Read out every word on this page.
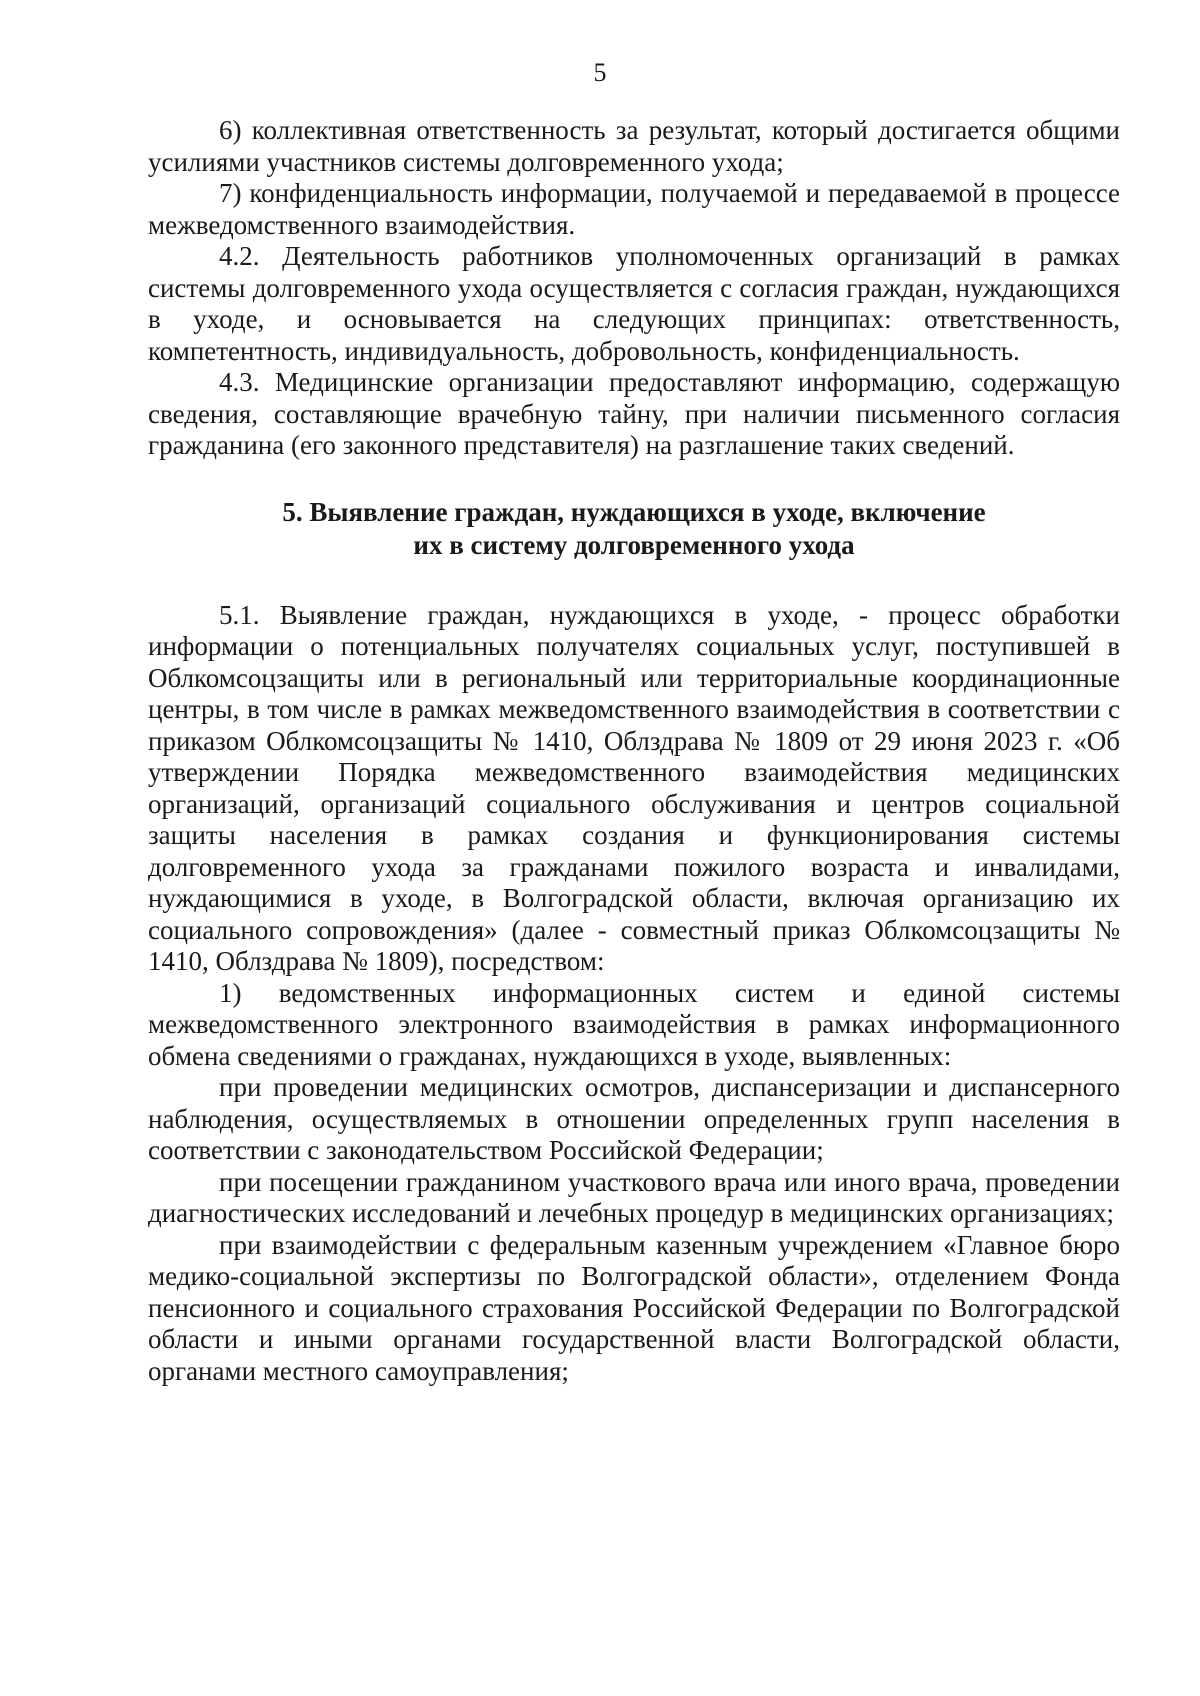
5

6) коллективная ответственность за результат, который достигается общими усилиями участников системы долговременного ухода;

7) конфиденциальность информации, получаемой и передаваемой в процессе межведомственного взаимодействия.

4.2. Деятельность работников уполномоченных организаций в рамках системы долговременного ухода осуществляется с согласия граждан, нуждающихся в уходе, и основывается на следующих принципах: ответственность, компетентность, индивидуальность, добровольность, конфиденциальность.

4.3. Медицинские организации предоставляют информацию, содержащую сведения, составляющие врачебную тайну, при наличии письменного согласия гражданина (его законного представителя) на разглашение таких сведений.

5. Выявление граждан, нуждающихся в уходе, включение
их в систему долговременного ухода

5.1. Выявление граждан, нуждающихся в уходе, - процесс обработки информации о потенциальных получателях социальных услуг, поступившей в Облкомсоцзащиты или в региональный или территориальные координационные центры, в том числе в рамках межведомственного взаимодействия в соответствии с приказом Облкомсоцзащиты № 1410, Облздрава № 1809 от 29 июня 2023 г. «Об утверждении Порядка межведомственного взаимодействия медицинских организаций, организаций социального обслуживания и центров социальной защиты населения в рамках создания и функционирования системы долговременного ухода за гражданами пожилого возраста и инвалидами, нуждающимися в уходе, в Волгоградской области, включая организацию их социального сопровождения» (далее - совместный приказ Облкомсоцзащиты № 1410, Облздрава № 1809), посредством:

1) ведомственных информационных систем и единой системы межведомственного электронного взаимодействия в рамках информационного обмена сведениями о гражданах, нуждающихся в уходе, выявленных:

при проведении медицинских осмотров, диспансеризации и диспансерного наблюдения, осуществляемых в отношении определенных групп населения в соответствии с законодательством Российской Федерации;

при посещении гражданином участкового врача или иного врача, проведении диагностических исследований и лечебных процедур в медицинских организациях;

при взаимодействии с федеральным казенным учреждением «Главное бюро медико-социальной экспертизы по Волгоградской области», отделением Фонда пенсионного и социального страхования Российской Федерации по Волгоградской области и иными органами государственной власти Волгоградской области, органами местного самоуправления;
